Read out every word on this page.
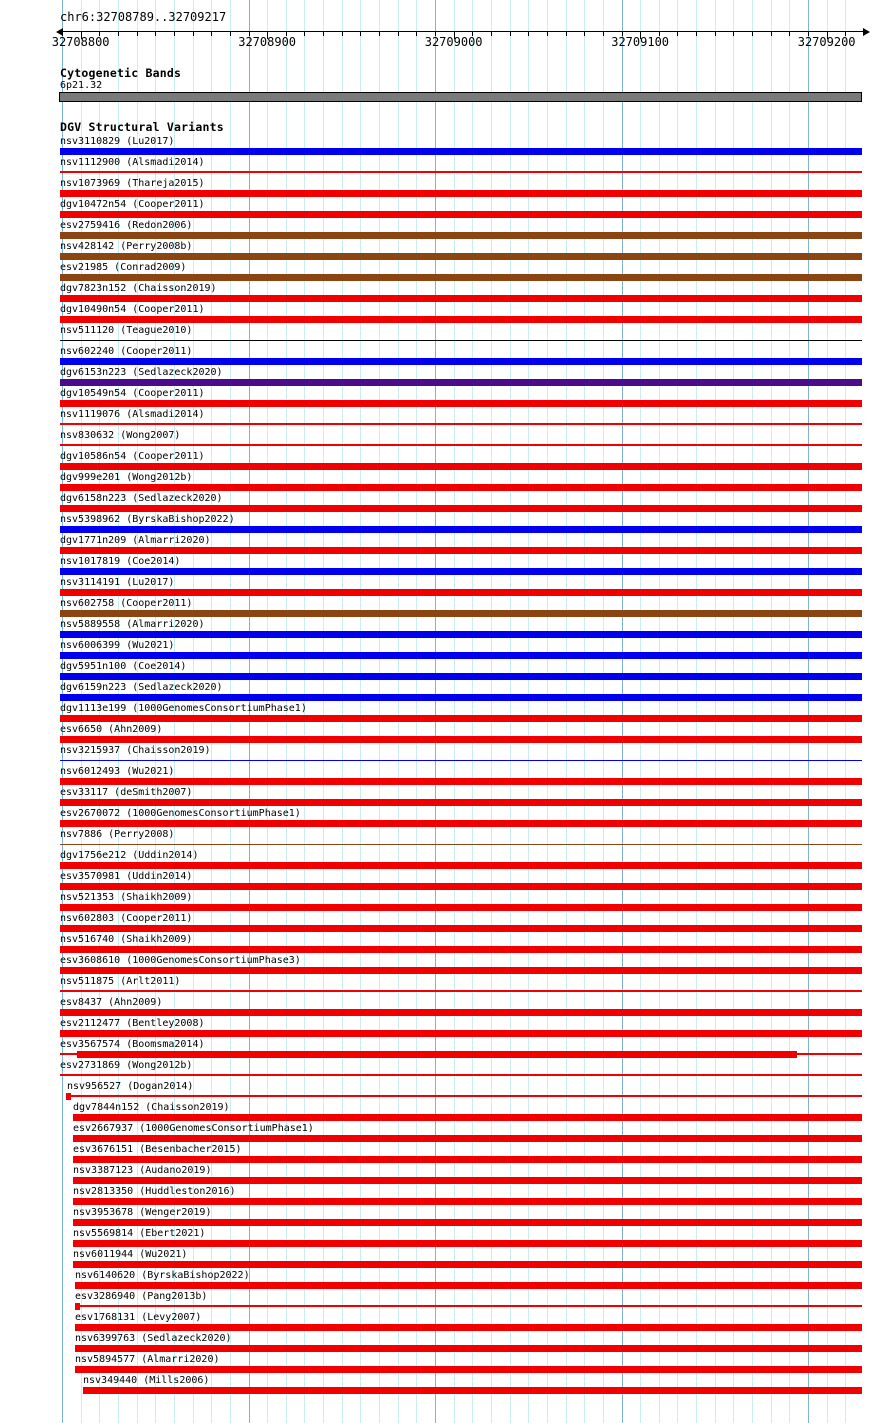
chr6:32708789..32709217
32708800	32708900	32709000	32709100	32709200
Cytogenetic Bands
6p21.32
DGV Structural Variants
nsv3110829 (Lu2017)
nsv1112900 (Alsmadi2014)
nsv1073969 (Thareja2015)
dgv10472n54 (Cooper2011)
esv2759416 (Redon2006)
nsv428142 (Perry2008b)
esv21985 (Conrad2009)
dgv7823n152 (Chaisson2019)
dgv10490n54 (Cooper2011)
nsv511120 (Teague2010)
nsv602240 (Cooper2011)
dgv6153n223 (Sedlazeck2020)
dgv10549n54 (Cooper2011)
nsv1119076 (Alsmadi2014)
nsv830632 (Wong2007)
dgv10586n54 (Cooper2011)
dgv999e201 (Wong2012b)
dgv6158n223 (Sedlazeck2020)
nsv5398962 (ByrskaBishop2022)
dgv1771n209 (Almarri2020)
nsv1017819 (Coe2014)
nsv3114191 (Lu2017)
nsv602758 (Cooper2011)
nsv5889558 (Almarri2020)
nsv6006399 (Wu2021)
dgv5951n100 (Coe2014)
dgv6159n223 (Sedlazeck2020)
dgv1113e199 (1000GenomesConsortiumPhase1)
esv6650 (Ahn2009)
nsv3215937 (Chaisson2019)
nsv6012493 (Wu2021)
esv33117 (deSmith2007)
esv2670072 (1000GenomesConsortiumPhase1)
nsv7886 (Perry2008)
dgv1756e212 (Uddin2014)
esv3570981 (Uddin2014)
nsv521353 (Shaikh2009)
nsv602803 (Cooper2011)
nsv516740 (Shaikh2009)
esv3608610 (1000GenomesConsortiumPhase3)
nsv511875 (Arlt2011)
esv8437 (Ahn2009)
esv2112477 (Bentley2008)
esv3567574 (Boomsma2014)
esv2731869 (Wong2012b)
nsv956527 (Dogan2014)
dgv7844n152 (Chaisson2019)
esv2667937 (1000GenomesConsortiumPhase1)
esv3676151 (Besenbacher2015)
nsv3387123 (Audano2019)
nsv2813350 (Huddleston2016)
nsv3953678 (Wenger2019)
nsv5569814 (Ebert2021)
nsv6011944 (Wu2021)
nsv6140620 (ByrskaBishop2022)
esv3286940 (Pang2013b)
esv1768131 (Levy2007)
nsv6399763 (Sedlazeck2020)
nsv5894577 (Almarri2020)
nsv349440 (Mills2006)
